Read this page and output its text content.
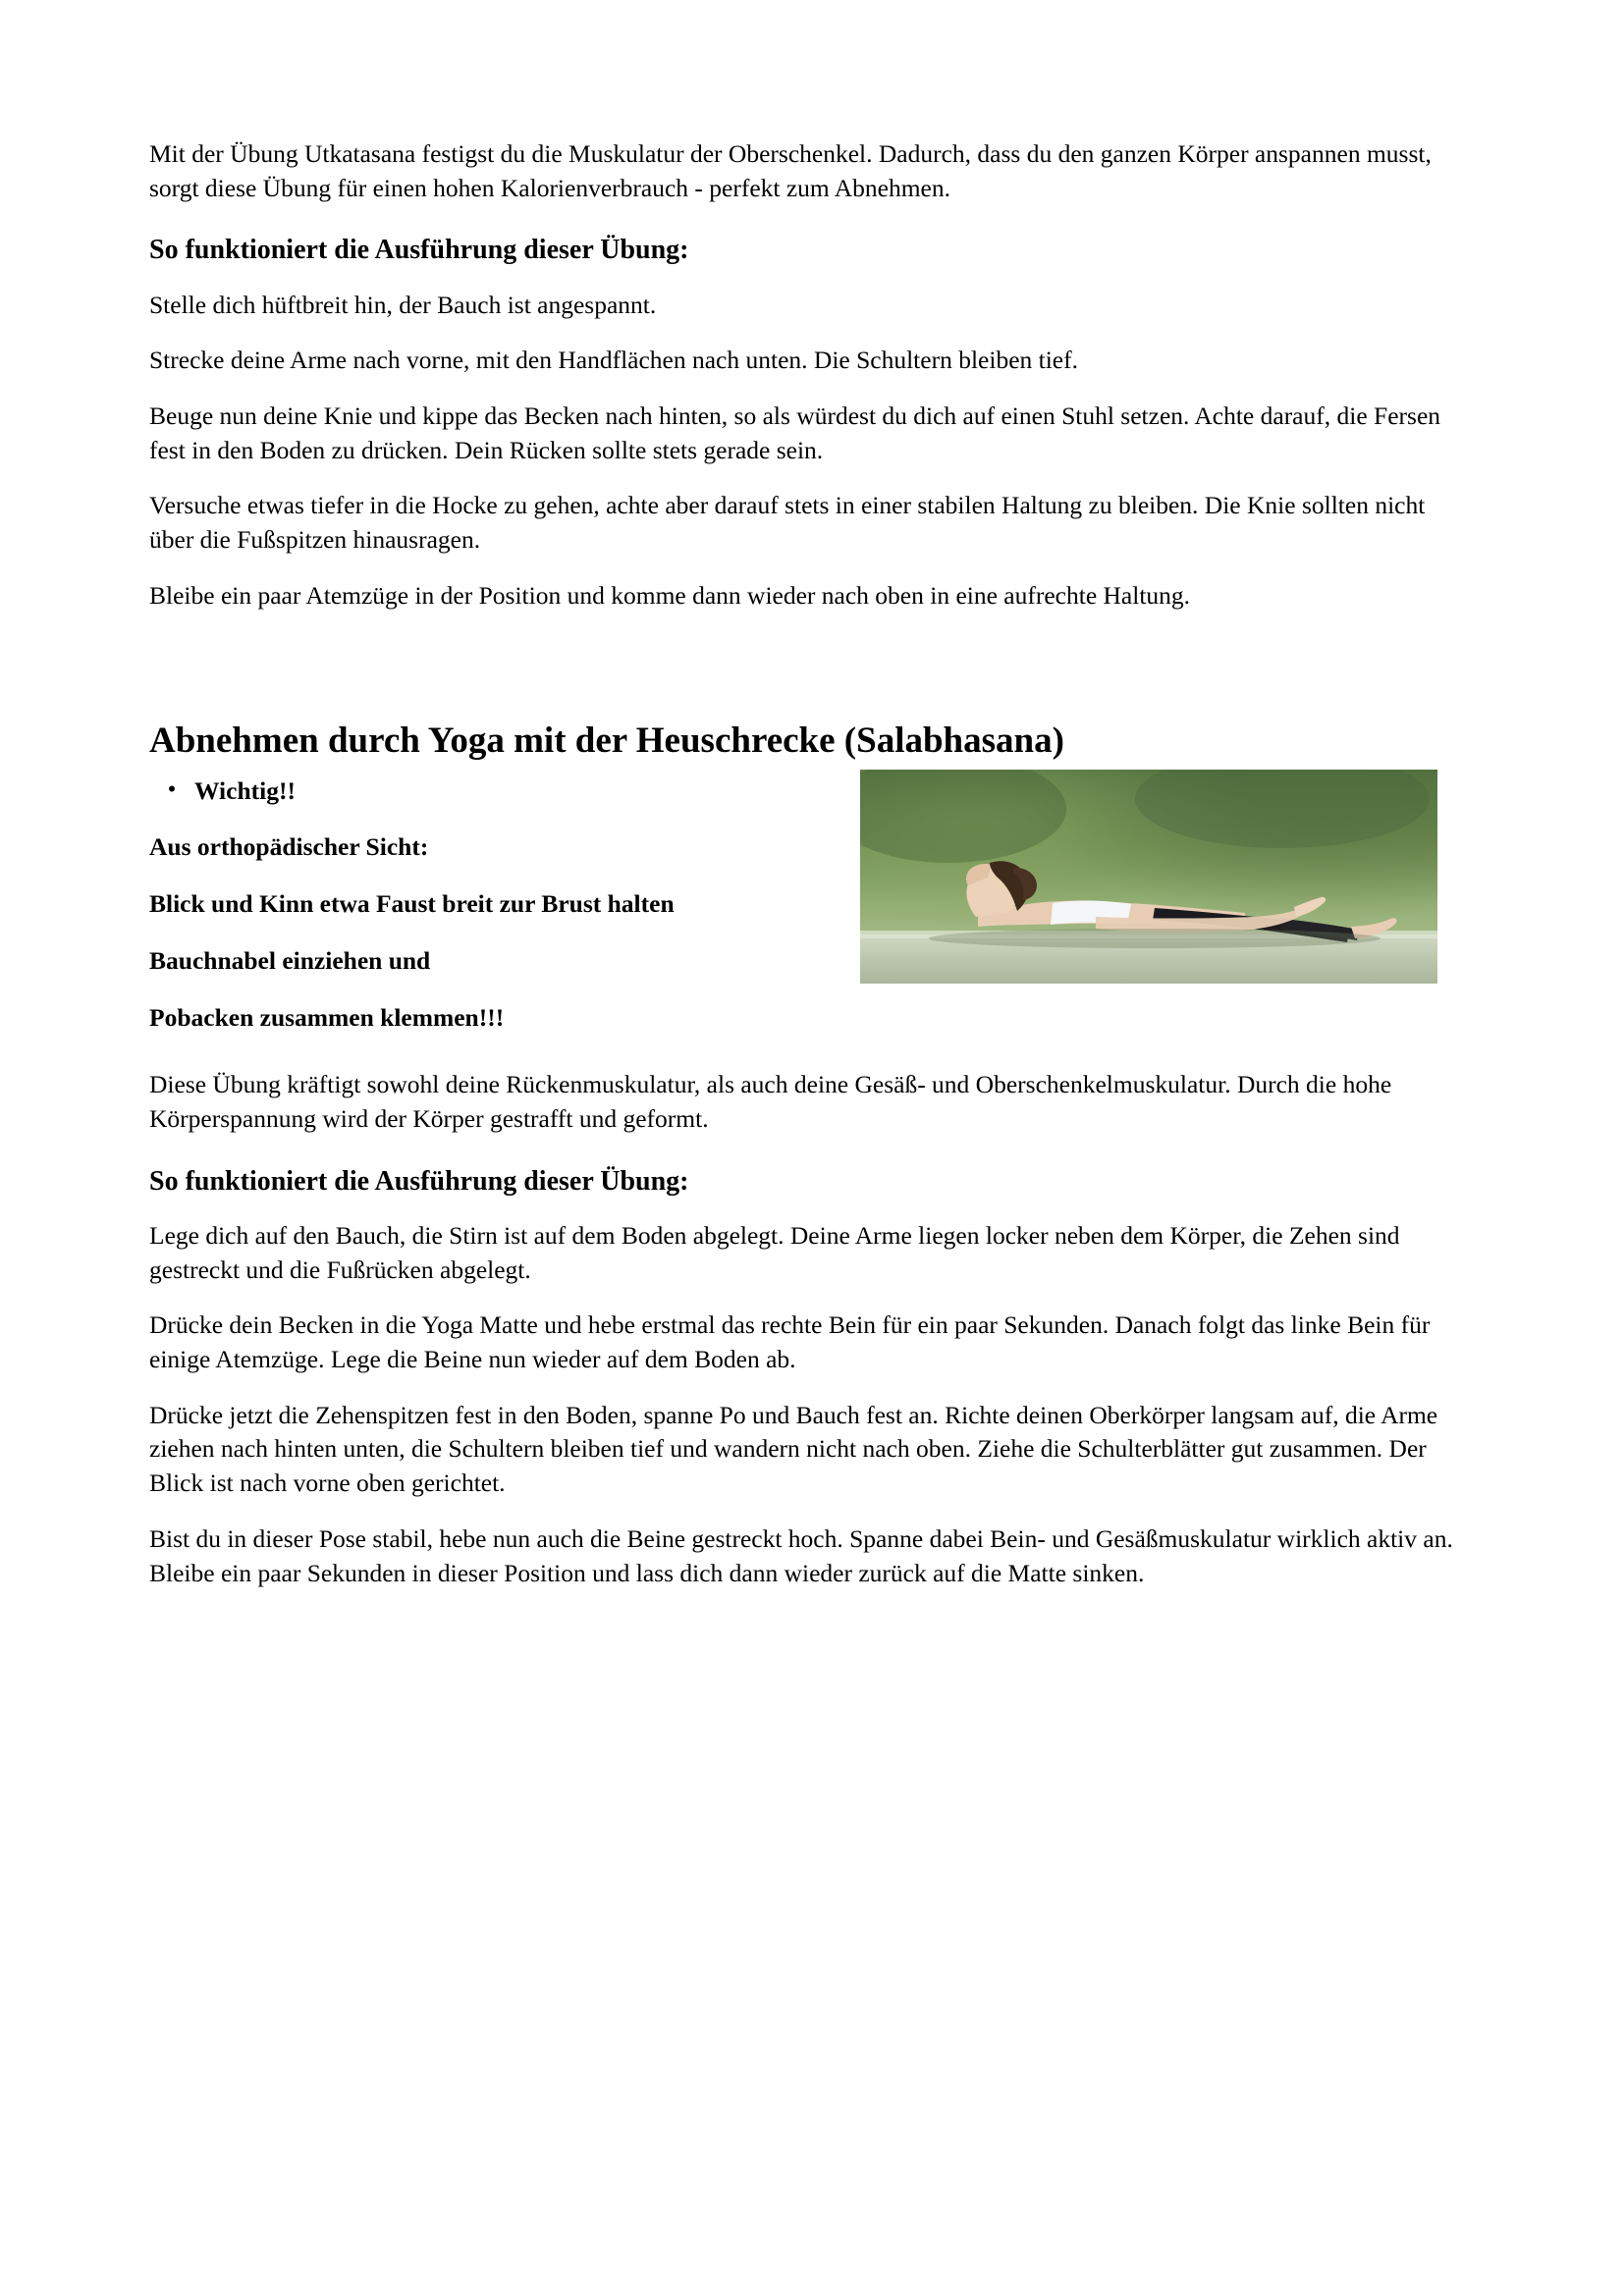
Mit der Übung Utkatasana festigst du die Muskulatur der Oberschenkel. Dadurch, dass du den ganzen Körper anspannen musst, sorgt diese Übung für einen hohen Kalorienverbrauch - perfekt zum Abnehmen.

So funktioniert die Ausführung dieser Übung:

Stelle dich hüftbreit hin, der Bauch ist angespannt.

Strecke deine Arme nach vorne, mit den Handflächen nach unten. Die Schultern bleiben tief.

Beuge nun deine Knie und kippe das Becken nach hinten, so als würdest du dich auf einen Stuhl setzen. Achte darauf, die Fersen fest in den Boden zu drücken. Dein Rücken sollte stets gerade sein.

Versuche etwas tiefer in die Hocke zu gehen, achte aber darauf stets in einer stabilen Haltung zu bleiben. Die Knie sollten nicht über die Fußspitzen hinausragen.

Bleibe ein paar Atemzüge in der Position und komme dann wieder nach oben in eine aufrechte Haltung.

Abnehmen durch Yoga mit der Heuschrecke (Salabhasana)
• Wichtig!!

Aus orthopädischer Sicht:

Blick und Kinn etwa Faust breit zur Brust halten

Bauchnabel einziehen und

Pobacken zusammen klemmen!!!

Diese Übung kräftigt sowohl deine Rückenmuskulatur, als auch deine Gesäß- und Oberschenkelmuskulatur. Durch die hohe Körperspannung wird der Körper gestrafft und geformt.

So funktioniert die Ausführung dieser Übung:

Lege dich auf den Bauch, die Stirn ist auf dem Boden abgelegt. Deine Arme liegen locker neben dem Körper, die Zehen sind gestreckt und die Fußrücken abgelegt.

Drücke dein Becken in die Yoga Matte und hebe erstmal das rechte Bein für ein paar Sekunden. Danach folgt das linke Bein für einige Atemzüge. Lege die Beine nun wieder auf dem Boden ab.

Drücke jetzt die Zehenspitzen fest in den Boden, spanne Po und Bauch fest an. Richte deinen Oberkörper langsam auf, die Arme ziehen nach hinten unten, die Schultern bleiben tief und wandern nicht nach oben. Ziehe die Schulterblätter gut zusammen. Der Blick ist nach vorne oben gerichtet.

Bist du in dieser Pose stabil, hebe nun auch die Beine gestreckt hoch. Spanne dabei Bein- und Gesäßmuskulatur wirklich aktiv an. Bleibe ein paar Sekunden in dieser Position und lass dich dann wieder zurück auf die Matte sinken.
